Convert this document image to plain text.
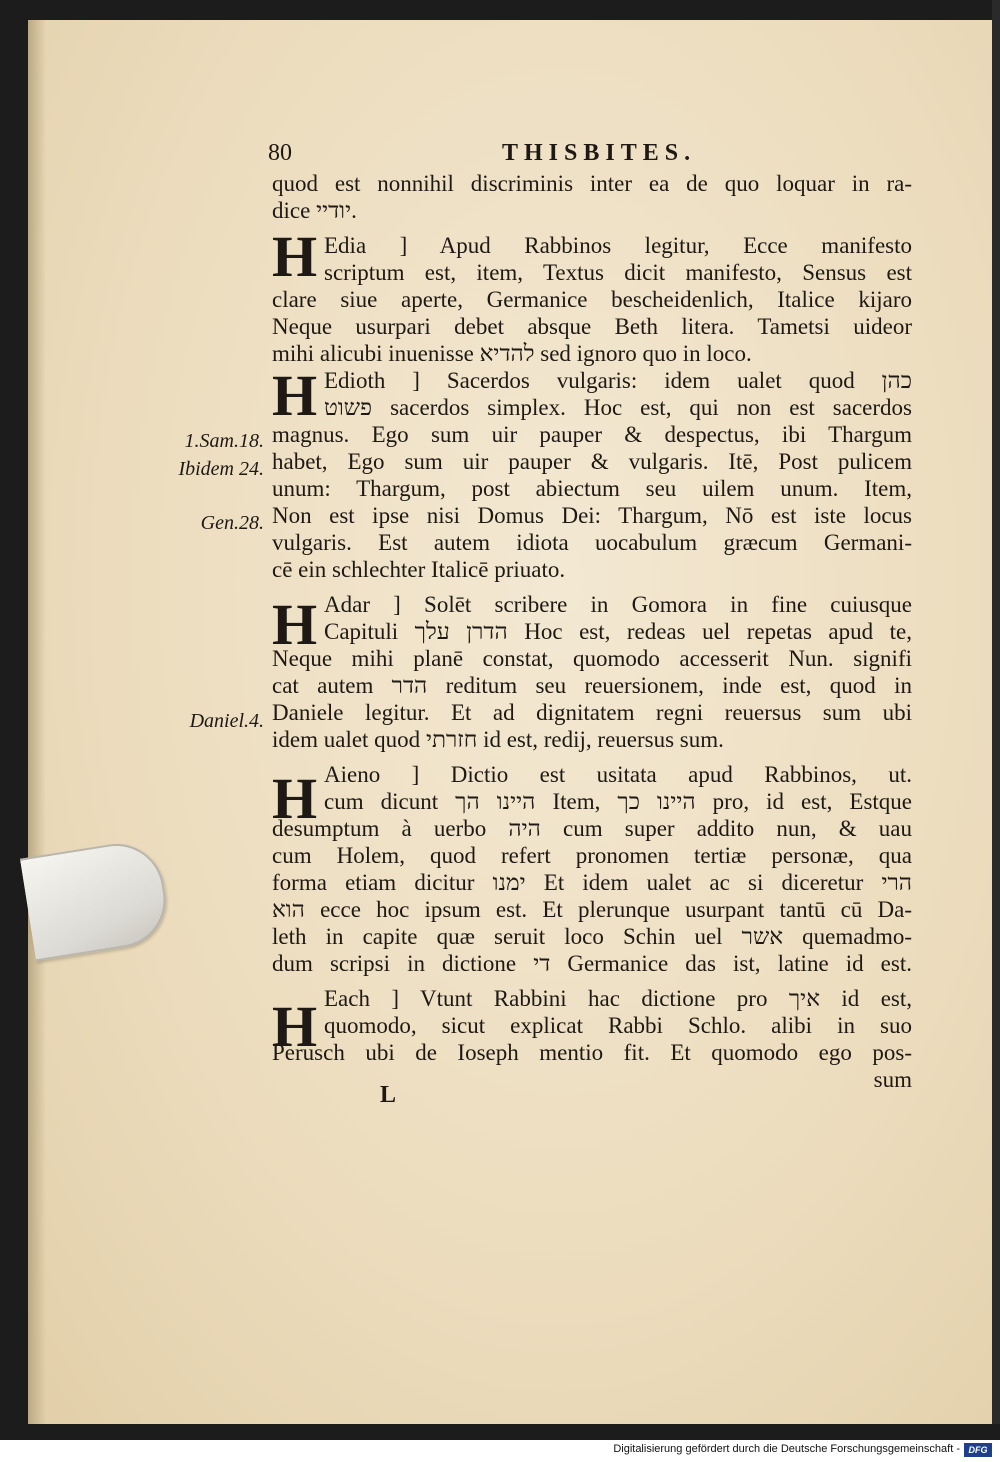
80	THISBITES.
H
H
H
H
H
1.Sam.18.
Ibidem 24.
Gen.28.
Daniel.4.
quod est nonnihil discriminis inter ea de quo loquar in ra-
dice יודיי.
Edia ] Apud Rabbinos legitur, Ecce manifesto
scriptum est, item, Textus dicit manifesto, Sensus est
clare siue aperte, Germanice bescheidenlich, Italice kijaro
Neque usurpari debet absque Beth litera. Tametsi uideor
mihi alicubi inuenisse להדיא sed ignoro quo in loco.
Edioth ] Sacerdos vulgaris: idem ualet quod כהן
פשוט sacerdos simplex. Hoc est, qui non est sacerdos
magnus. Ego sum uir pauper & despectus, ibi Thargum
habet, Ego sum uir pauper & vulgaris. Itē, Post pulicem
unum: Thargum, post abiectum seu uilem unum. Item,
Non est ipse nisi Domus Dei: Thargum, Nō est iste locus
vulgaris. Est autem idiota uocabulum græcum Germani-
cē ein schlechter Italicē priuato.
Adar ] Solēt scribere in Gomora in fine cuiusque
Capituli הדרן עלך Hoc est, redeas uel repetas apud te,
Neque mihi planē constat, quomodo accesserit Nun. signifi
cat autem הדר reditum seu reuersionem, inde est, quod in
Daniele legitur. Et ad dignitatem regni reuersus sum ubi
idem ualet quod חזרתי id est, redij, reuersus sum.
Aieno ] Dictio est usitata apud Rabbinos, ut.
cum dicunt היינו הך Item, היינו כך pro, id est, Estque
desumptum à uerbo היה cum super addito nun, & uau
cum Holem, quod refert pronomen tertiæ personæ, qua
forma etiam dicitur ימנו Et idem ualet ac si diceretur הרי
הוא ecce hoc ipsum est. Et plerunque usurpant tantū cū Da-
leth in capite quæ seruit loco Schin uel אשר quemadmo-
dum scripsi in dictione די Germanice das ist, latine id est.
Each ] Vtunt Rabbini hac dictione pro איך id est,
quomodo, sicut explicat Rabbi Schlo. alibi in suo
Perusch ubi de Ioseph mentio fit. Et quomodo ego pos-
sum
L
Digitalisierung gefördert durch die Deutsche Forschungsgemeinschaft - DFG
